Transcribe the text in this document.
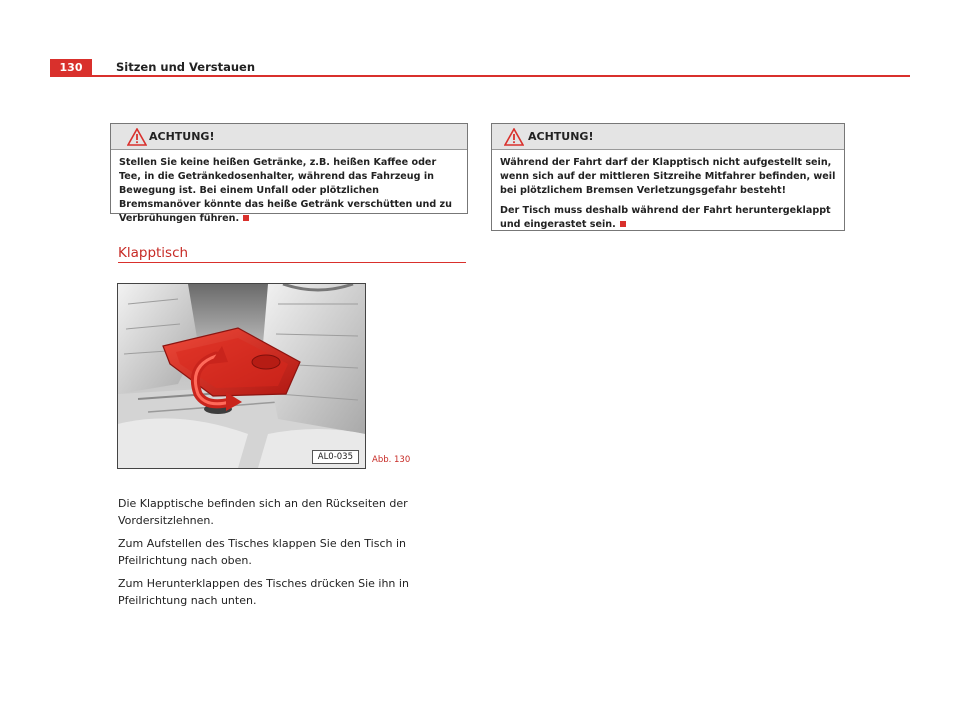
130	Sitzen und Verstauen
ACHTUNG!

Stellen Sie keine heißen Getränke, z.B. heißen Kaffee oder Tee, in die Getränkedosenhalter, während das Fahrzeug in Bewegung ist. Bei einem Unfall oder plötzlichen Bremsmanöver könnte das heiße Getränk verschütten und zu Verbrühungen führen.

ACHTUNG!

Während der Fahrt darf der Klapptisch nicht aufgestellt sein, wenn sich auf der mittleren Sitzreihe Mitfahrer befinden, weil bei plötzlichem Bremsen Verletzungsgefahr besteht!

Der Tisch muss deshalb während der Fahrt heruntergeklappt und eingerastet sein.

Klapptisch
AL0-035	Abb. 130

Die Klapptische befinden sich an den Rückseiten der Vordersitzlehnen.

Zum Aufstellen des Tisches klappen Sie den Tisch in Pfeilrichtung nach oben.

Zum Herunterklappen des Tisches drücken Sie ihn in Pfeilrichtung nach unten.
